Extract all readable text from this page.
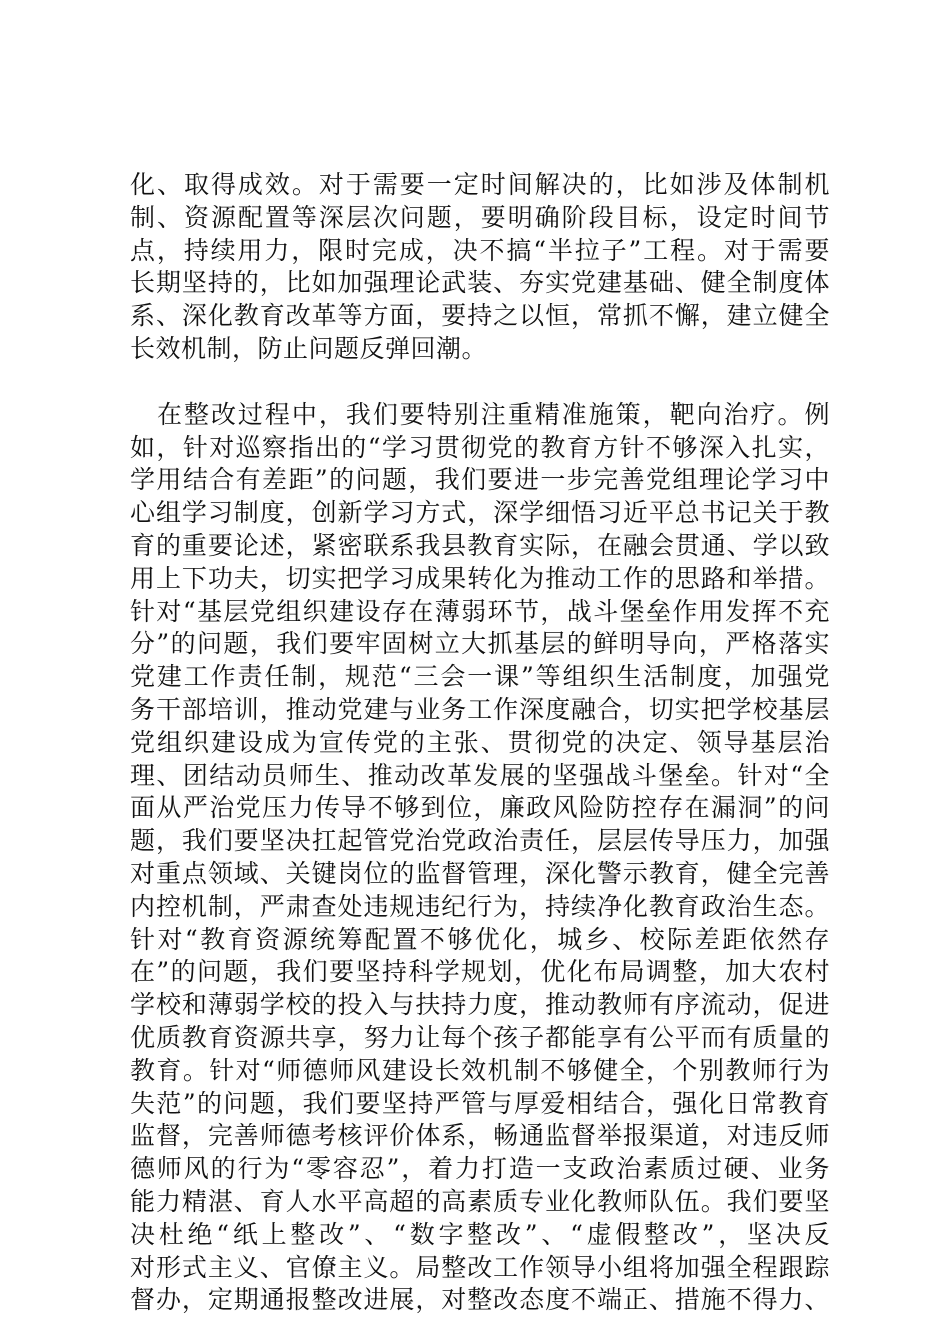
化、取得成效。对于需要一定时间解决的，比如涉及体制机
制、资源配置等深层次问题，要明确阶段目标，设定时间节
点，持续用力，限时完成，决不搞“半拉子”工程。对于需要
长期坚持的，比如加强理论武装、夯实党建基础、健全制度体
系、深化教育改革等方面，要持之以恒，常抓不懈，建立健全
长效机制，防止问题反弹回潮。
　在整改过程中，我们要特别注重精准施策，靶向治疗。例
如，针对巡察指出的“学习贯彻党的教育方针不够深入扎实，
学用结合有差距”的问题，我们要进一步完善党组理论学习中
心组学习制度，创新学习方式，深学细悟习近平总书记关于教
育的重要论述，紧密联系我县教育实际，在融会贯通、学以致
用上下功夫，切实把学习成果转化为推动工作的思路和举措。
针对“基层党组织建设存在薄弱环节，战斗堡垒作用发挥不充
分”的问题，我们要牢固树立大抓基层的鲜明导向，严格落实
党建工作责任制，规范“三会一课”等组织生活制度，加强党
务干部培训，推动党建与业务工作深度融合，切实把学校基层
党组织建设成为宣传党的主张、贯彻党的决定、领导基层治
理、团结动员师生、推动改革发展的坚强战斗堡垒。针对“全
面从严治党压力传导不够到位，廉政风险防控存在漏洞”的问
题，我们要坚决扛起管党治党政治责任，层层传导压力，加强
对重点领域、关键岗位的监督管理，深化警示教育，健全完善
内控机制，严肃查处违规违纪行为，持续净化教育政治生态。
针对“教育资源统筹配置不够优化，城乡、校际差距依然存
在”的问题，我们要坚持科学规划，优化布局调整，加大农村
学校和薄弱学校的投入与扶持力度，推动教师有序流动，促进
优质教育资源共享，努力让每个孩子都能享有公平而有质量的
教育。针对“师德师风建设长效机制不够健全，个别教师行为
失范”的问题，我们要坚持严管与厚爱相结合，强化日常教育
监督，完善师德考核评价体系，畅通监督举报渠道，对违反师
德师风的行为“零容忍”，着力打造一支政治素质过硬、业务
能力精湛、育人水平高超的高素质专业化教师队伍。我们要坚
决杜绝“纸上整改”、“数字整改”、“虚假整改”，坚决反
对形式主义、官僚主义。局整改工作领导小组将加强全程跟踪
督办，定期通报整改进展，对整改态度不端正、措施不得力、
